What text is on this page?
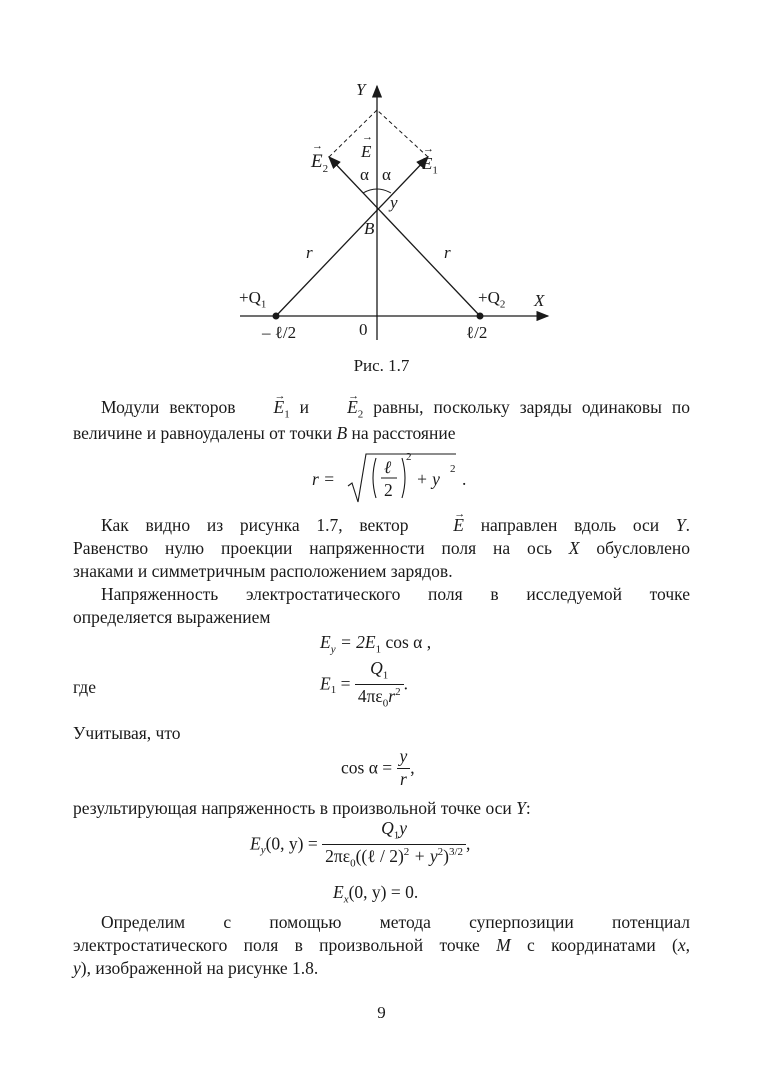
Y
X
→ E
→ $E_2$
→	$E_1$
α α
y
B
r	r
$+Q_1$	$+Q_2$
0
– ℓ/2	ℓ/2
Рис. 1.7
Модули векторов → $E_1$ $и \to E_2$ равны, поскольку заряды одинаковы по
величине и равноудалены от точки B на расстояние
r =
ℓ
2
2
+ y 2 .
Как видно из рисунка 1.7, вектор → E направлен вдоль оси Y.
Равенство нулю проекции напряженности поля на ось X обусловлено
знаками и симметричным расположением зарядов.
Напряженность электростатического поля в исследуемой точке
определяется выражением
$E_y = 2E_1$ cos α ,
где	$E_1 = \frac{Q_1}{4\pi\varepsilon_0r^2}$ .
Учитывая, что
$\cos \alpha = \frac{y}{r}$ ,
результирующая напряженность в произвольной точке оси Y:
$E_y(0$, $y) = \frac{Q_1y}{2\pi\varepsilon_0((\ell / 2)^2 + y^2)^{3/2}}$ ,
$E_x(0$, y) = 0.
Определим с помощью метода суперпозиции потенциал
электростатического поля в произвольной точке M с координатами (x,
y), изображенной на рисунке 1.8.
9
